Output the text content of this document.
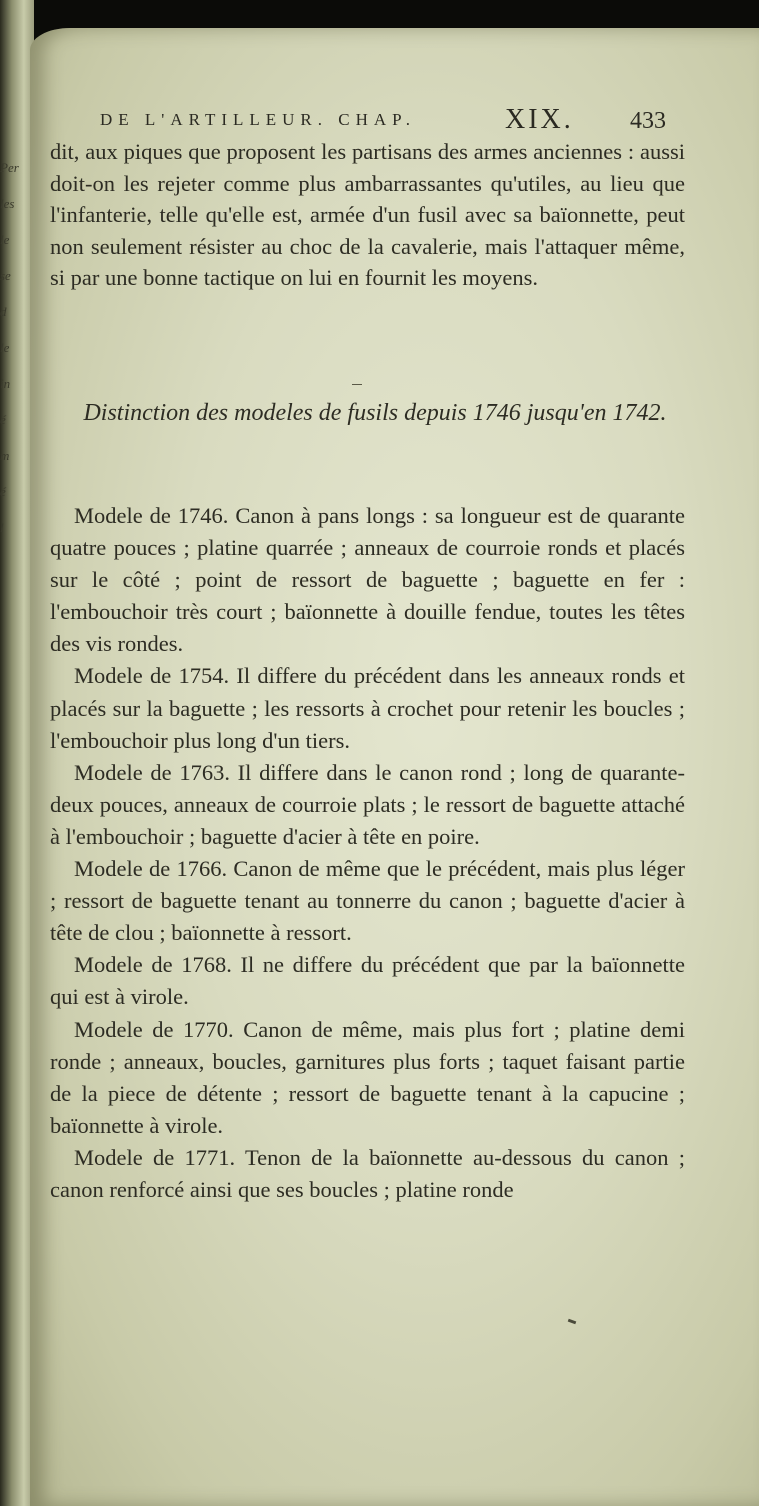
Per
les
le
se
d
le
in
é
m
é
l
DE L'ARTILLEUR. CHAP.	XIX. 433

dit, aux piques que proposent les partisans des armes anciennes : aussi doit-on les rejeter comme plus ambarrassantes qu'utiles, au lieu que l'infanterie, telle qu'elle est, armée d'un fusil avec sa baïonnette, peut non seulement résister au choc de la cavalerie, mais l'attaquer même, si par une bonne tactique on lui en fournit les moyens.

Distinction des modeles de fusils depuis 1746 jusqu'en 1742.

Modele de 1746. Canon à pans longs : sa longueur est de quarante quatre pouces ; platine quarrée ; anneaux de courroie ronds et placés sur le côté ; point de ressort de baguette ; baguette en fer : l'embouchoir très court ; baïonnette à douille fendue, toutes les têtes des vis rondes.

Modele de 1754. Il differe du précédent dans les anneaux ronds et placés sur la baguette ; les ressorts à crochet pour retenir les boucles ; l'embouchoir plus long d'un tiers.

Modele de 1763. Il differe dans le canon rond ; long de quarante-deux pouces, anneaux de courroie plats ; le ressort de baguette attaché à l'embouchoir ; baguette d'acier à tête en poire.

Modele de 1766. Canon de même que le précédent, mais plus léger ; ressort de baguette tenant au tonnerre du canon ; baguette d'acier à tête de clou ; baïonnette à ressort.

Modele de 1768. Il ne differe du précédent que par la baïonnette qui est à virole.

Modele de 1770. Canon de même, mais plus fort ; platine demi ronde ; anneaux, boucles, garnitures plus forts ; taquet faisant partie de la piece de détente ; ressort de baguette tenant à la capucine ; baïonnette à virole.

Modele de 1771. Tenon de la baïonnette au-dessous du canon ; canon renforcé ainsi que ses boucles ; platine ronde
